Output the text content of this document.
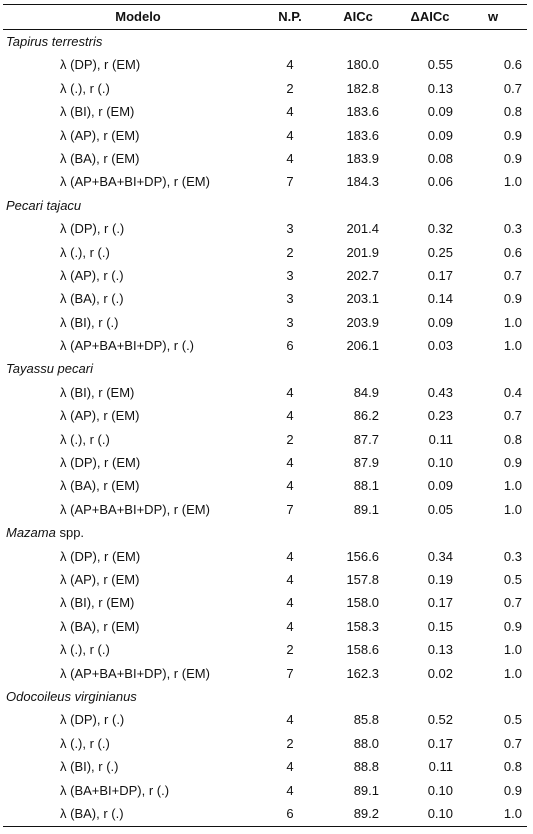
Modelo	N.P.	AICc	ΔAICc	w
Tapirus terrestris
λ (DP), r (EM)	4	180.0	0.55	0.6
λ (.), r (.)	2	182.8	0.13	0.7
λ (BI), r (EM)	4	183.6	0.09	0.8
λ (AP), r (EM)	4	183.6	0.09	0.9
λ (BA), r (EM)	4	183.9	0.08	0.9
λ (AP+BA+BI+DP), r (EM)	7	184.3	0.06	1.0
Pecari tajacu
λ (DP), r (.)	3	201.4	0.32	0.3
λ (.), r (.)	2	201.9	0.25	0.6
λ (AP), r (.)	3	202.7	0.17	0.7
λ (BA), r (.)	3	203.1	0.14	0.9
λ (BI), r (.)	3	203.9	0.09	1.0
λ (AP+BA+BI+DP), r (.)	6	206.1	0.03	1.0
Tayassu pecari
λ (BI), r (EM)	4	84.9	0.43	0.4
λ (AP), r (EM)	4	86.2	0.23	0.7
λ (.), r (.)	2	87.7	0.11	0.8
λ (DP), r (EM)	4	87.9	0.10	0.9
λ (BA), r (EM)	4	88.1	0.09	1.0
λ (AP+BA+BI+DP), r (EM)	7	89.1	0.05	1.0
Mazama spp.
λ (DP), r (EM)	4	156.6	0.34	0.3
λ (AP), r (EM)	4	157.8	0.19	0.5
λ (BI), r (EM)	4	158.0	0.17	0.7
λ (BA), r (EM)	4	158.3	0.15	0.9
λ (.), r (.)	2	158.6	0.13	1.0
λ (AP+BA+BI+DP), r (EM)	7	162.3	0.02	1.0
Odocoileus virginianus
λ (DP), r (.)	4	85.8	0.52	0.5
λ (.), r (.)	2	88.0	0.17	0.7
λ (BI), r (.)	4	88.8	0.11	0.8
λ (BA+BI+DP), r (.)	4	89.1	0.10	0.9
λ (BA), r (.)	6	89.2	0.10	1.0
